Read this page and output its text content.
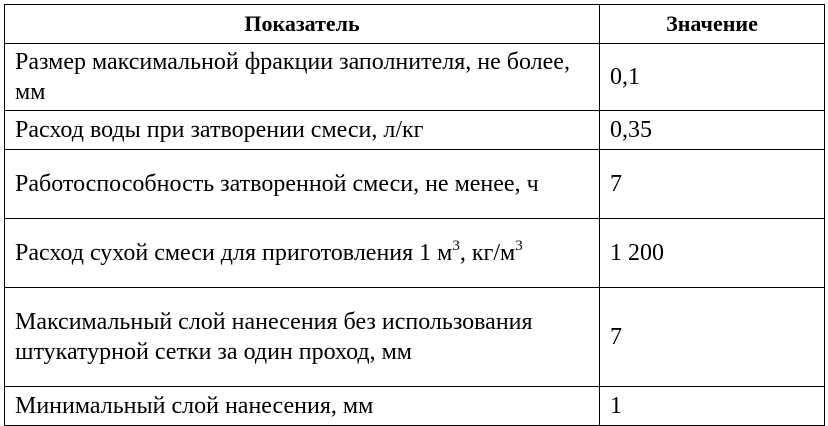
Показатель	Значение
Размер максимальной фракции заполнителя, не более, мм	0,1
Расход воды при затворении смеси, л/кг	0,35
Работоспособность затворенной смеси, не менее, ч	7
Расход сухой смеси для приготовления 1 $м^3$, $кг/м^3$	1 200
Максимальный слой нанесения без использования штукатурной сетки за один проход, мм	7
Минимальный слой нанесения, мм	1
